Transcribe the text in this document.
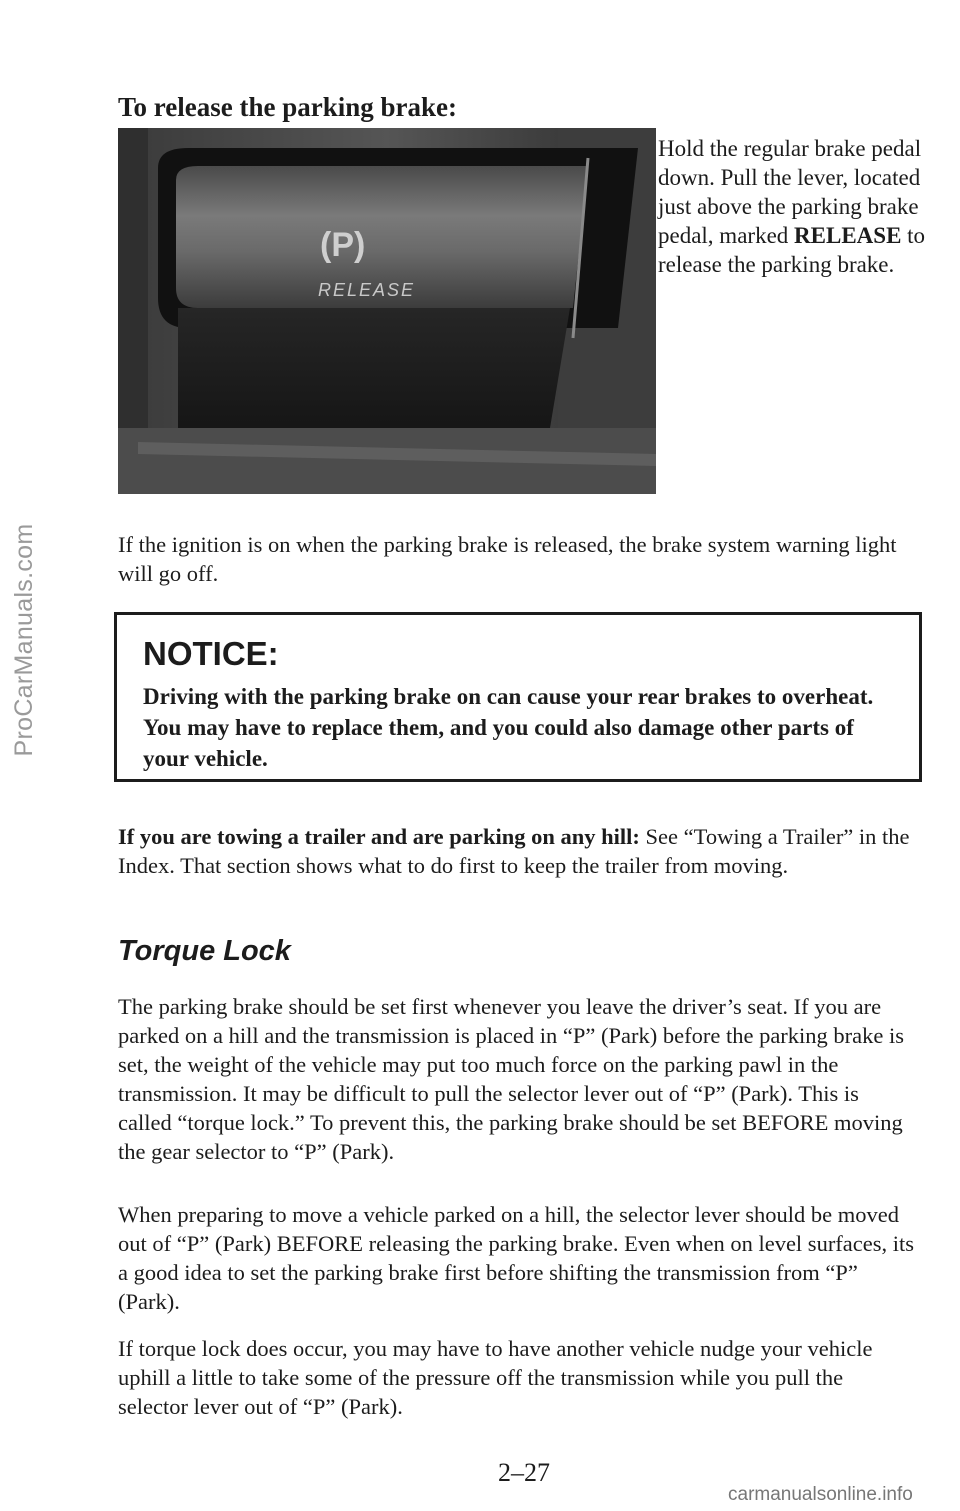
ProCarManuals.com
To release the parking brake:
(P)
RELEASE
Hold the regular brake pedal down. Pull the lever, located just above the parking brake pedal, marked RELEASE to release the parking brake.
If the ignition is on when the parking brake is released, the brake system warning light will go off.
NOTICE:
Driving with the parking brake on can cause your rear brakes to overheat. You may have to replace them, and you could also damage other parts of your vehicle.
If you are towing a trailer and are parking on any hill: See “Towing a Trailer” in the Index. That section shows what to do first to keep the trailer from moving.
Torque Lock
The parking brake should be set first whenever you leave the driver’s seat. If you are parked on a hill and the transmission is placed in “P” (Park) before the parking brake is set, the weight of the vehicle may put too much force on the parking pawl in the transmission. It may be difficult to pull the selector lever out of “P” (Park). This is called “torque lock.” To prevent this, the parking brake should be set BEFORE moving the gear selector to “P” (Park).
When preparing to move a vehicle parked on a hill, the selector lever should be moved out of “P” (Park) BEFORE releasing the parking brake. Even when on level surfaces, its a good idea to set the parking brake first before shifting the transmission from “P” (Park).
If torque lock does occur, you may have to have another vehicle nudge your vehicle uphill a little to take some of the pressure off the transmission while you pull the selector lever out of “P” (Park).
2–27
carmanualsonline.info
